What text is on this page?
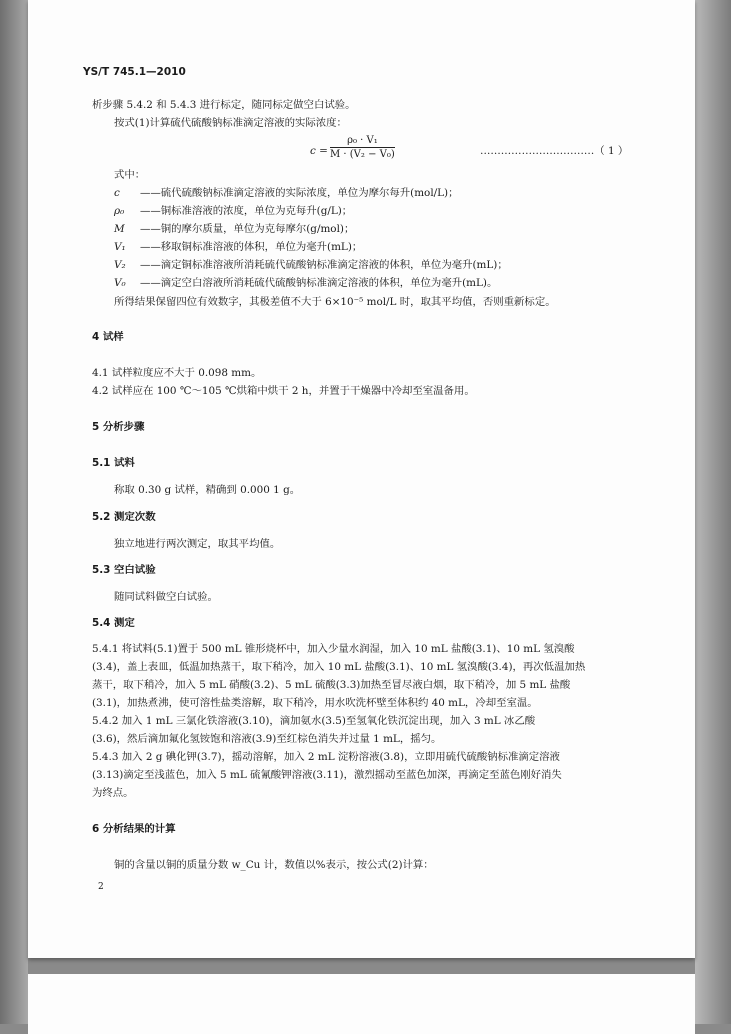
YS/T 745.1—2010
析步骤 5.4.2 和 5.4.3 进行标定，随同标定做空白试验。
按式(1)计算硫代硫酸钠标准滴定溶液的实际浓度：
$c = \frac{\text{ρ₀ · V₁}}{\text{M · (V₂ − V₀)}}$	……………………………（ 1 ）
式中：
c ——硫代硫酸钠标准滴定溶液的实际浓度，单位为摩尔每升(mol/L)；
ρ₀ ——铜标准溶液的浓度，单位为克每升(g/L)；
M ——铜的摩尔质量，单位为克每摩尔(g/mol)；
V₁ ——移取铜标准溶液的体积，单位为毫升(mL)；
V₂ ——滴定铜标准溶液所消耗硫代硫酸钠标准滴定溶液的体积，单位为毫升(mL)；
V₀ ——滴定空白溶液所消耗硫代硫酸钠标准滴定溶液的体积，单位为毫升(mL)。
所得结果保留四位有效数字，其极差值不大于 6×10⁻⁵ mol/L 时，取其平均值，否则重新标定。
4 试样
4.1 试样粒度应不大于 0.098 mm。
4.2 试样应在 100 ℃～105 ℃烘箱中烘干 2 h，并置于干燥器中冷却至室温备用。
5 分析步骤
5.1 试料
称取 0.30 g 试样，精确到 0.000 1 g。
5.2 测定次数
独立地进行两次测定，取其平均值。
5.3 空白试验
随同试料做空白试验。
5.4 测定
5.4.1 将试料(5.1)置于 500 mL 锥形烧杯中，加入少量水润湿，加入 10 mL 盐酸(3.1)、10 mL 氢溴酸
(3.4)，盖上表皿，低温加热蒸干，取下稍冷，加入 10 mL 盐酸(3.1)、10 mL 氢溴酸(3.4)，再次低温加热
蒸干，取下稍冷，加入 5 mL 硝酸(3.2)、5 mL 硫酸(3.3)加热至冒尽液白烟，取下稍冷，加 5 mL 盐酸
(3.1)，加热煮沸，使可溶性盐类溶解，取下稍冷，用水吹洗杯壁至体积约 40 mL，冷却至室温。
5.4.2 加入 1 mL 三氯化铁溶液(3.10)，滴加氨水(3.5)至氢氧化铁沉淀出现，加入 3 mL 冰乙酸
(3.6)，然后滴加氟化氢铵饱和溶液(3.9)至红棕色消失并过量 1 mL，摇匀。
5.4.3 加入 2 g 碘化钾(3.7)，摇动溶解，加入 2 mL 淀粉溶液(3.8)，立即用硫代硫酸钠标准滴定溶液
(3.13)滴定至浅蓝色，加入 5 mL 硫氰酸钾溶液(3.11)，激烈摇动至蓝色加深，再滴定至蓝色刚好消失
为终点。
6 分析结果的计算
铜的含量以铜的质量分数 w_Cu 计，数值以%表示，按公式(2)计算：
2
